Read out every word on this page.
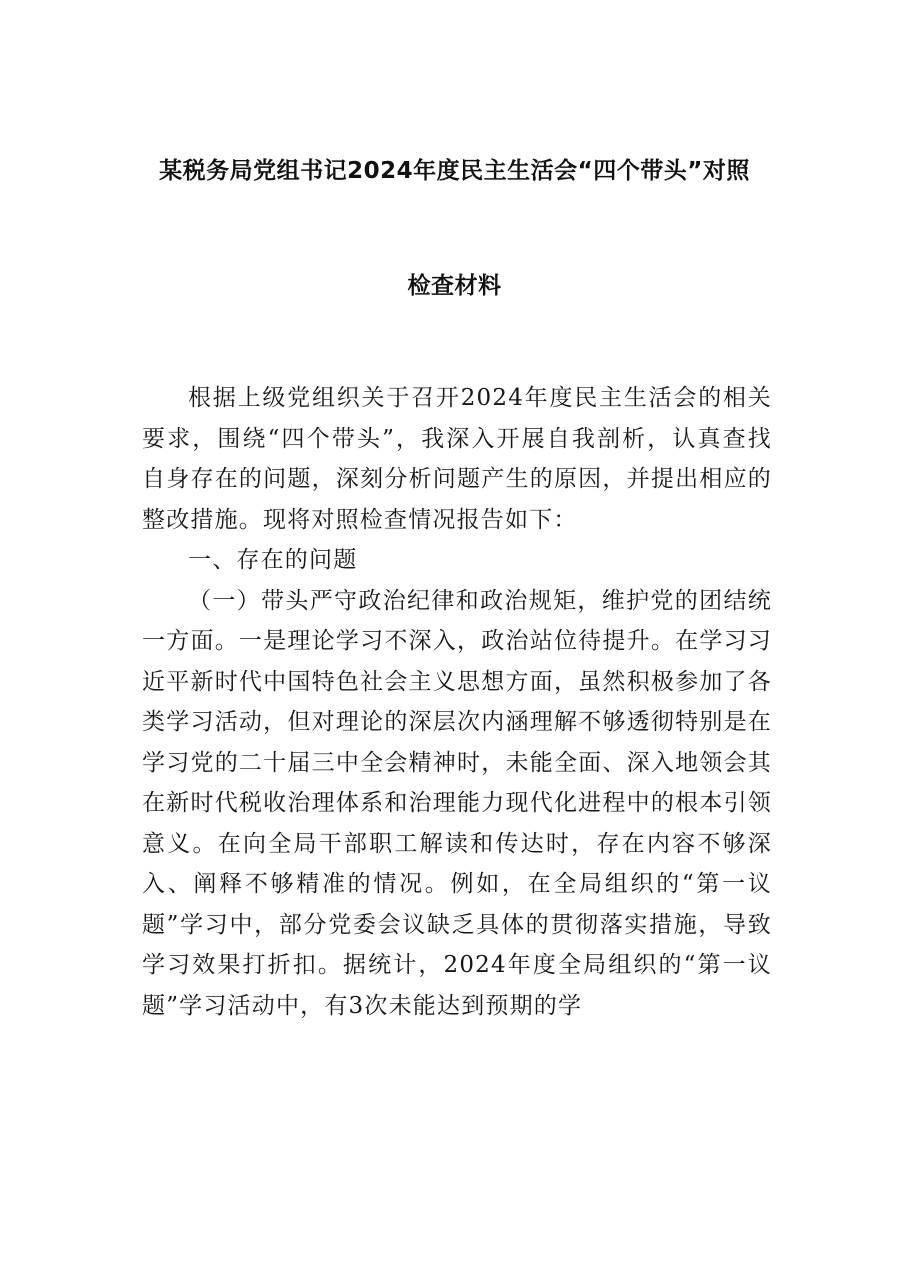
某税务局党组书记2024年度民主生活会“四个带头”对照
检查材料

根据上级党组织关于召开2024年度民主生活会的相关要求，围绕“四个带头”，我深入开展自我剖析，认真查找自身存在的问题，深刻分析问题产生的原因，并提出相应的整改措施。现将对照检查情况报告如下：

一、存在的问题

（一）带头严守政治纪律和政治规矩，维护党的团结统一方面。一是理论学习不深入，政治站位待提升。在学习习近平新时代中国特色社会主义思想方面，虽然积极参加了各类学习活动，但对理论的深层次内涵理解不够透彻特别是在学习党的二十届三中全会精神时，未能全面、深入地领会其在新时代税收治理体系和治理能力现代化进程中的根本引领意义。在向全局干部职工解读和传达时，存在内容不够深入、阐释不够精准的情况。例如，在全局组织的“第一议题”学习中，部分党委会议缺乏具体的贯彻落实措施，导致学习效果打折扣。据统计，2024年度全局组织的“第一议题”学习活动中，有3次未能达到预期的学
